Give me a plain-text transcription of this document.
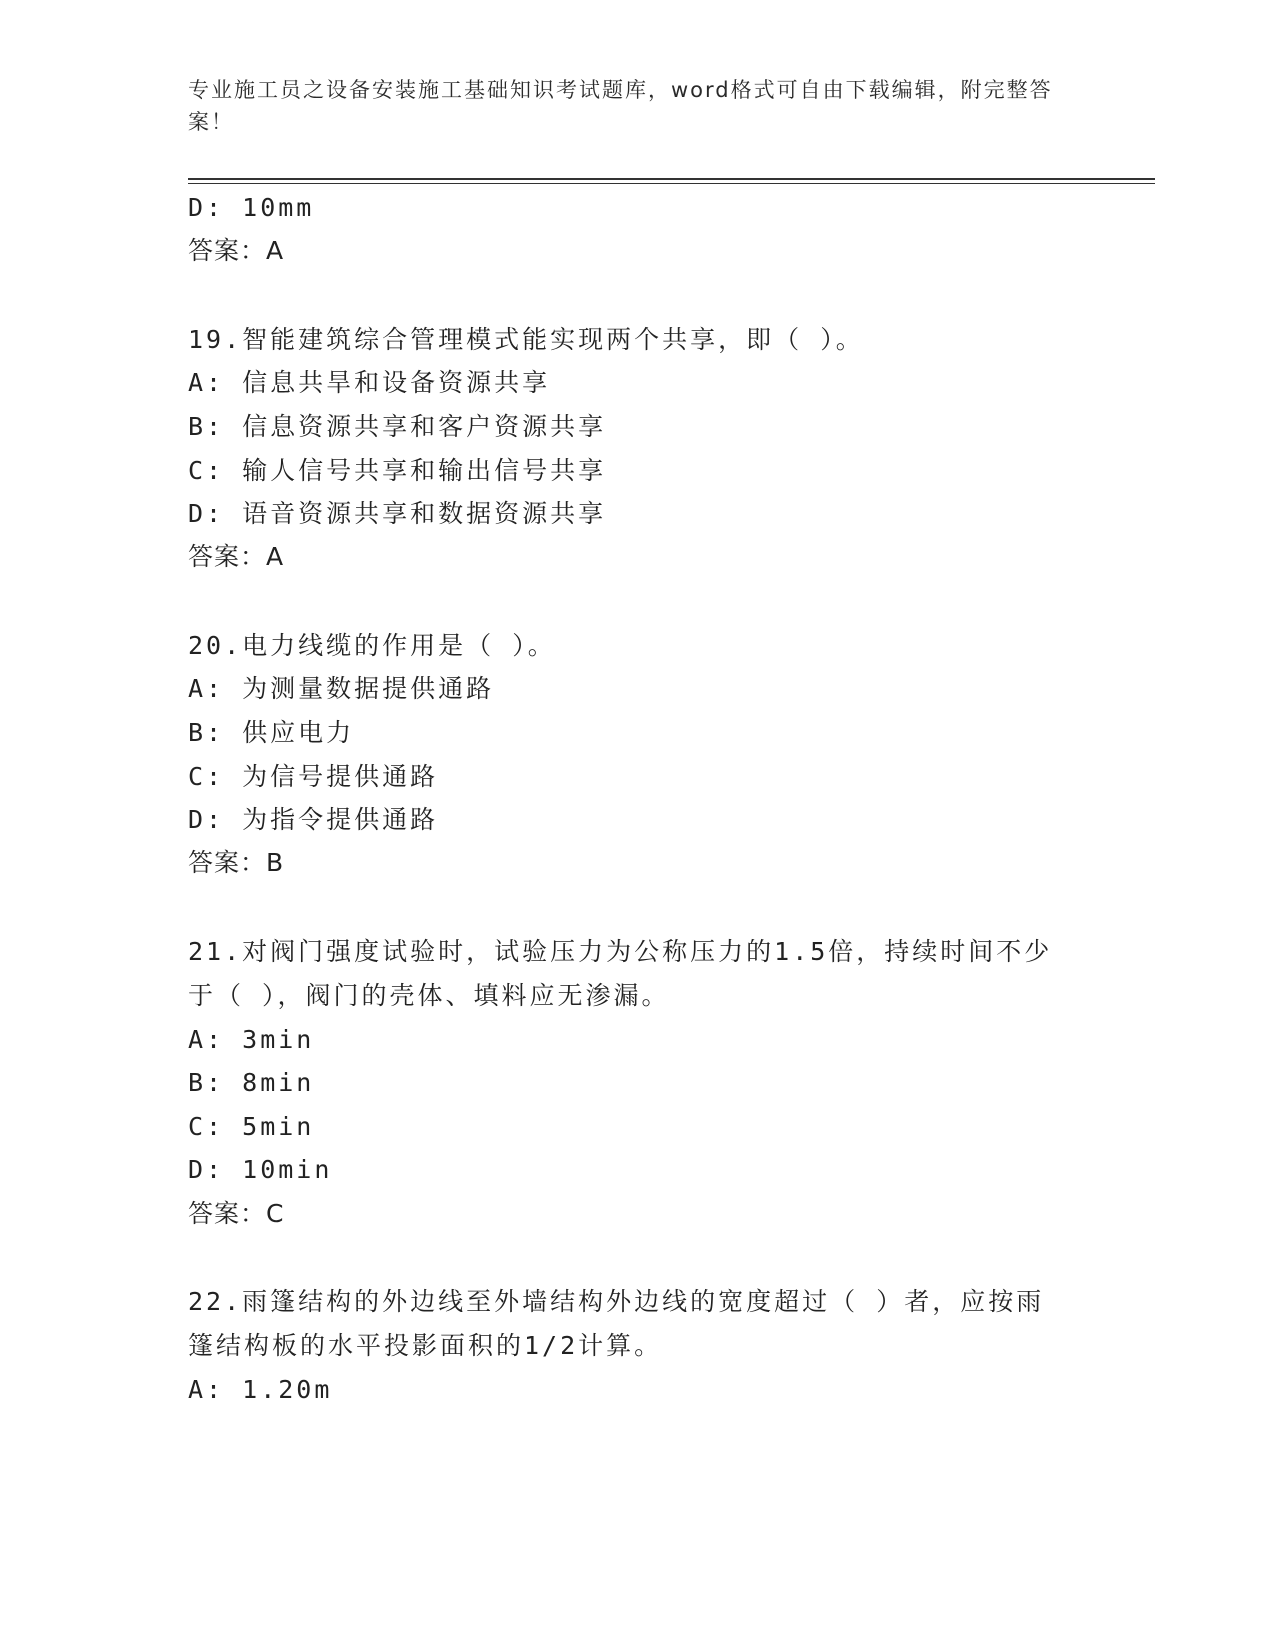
专业施工员之设备安装施工基础知识考试题库，word格式可自由下载编辑，附完整答案！
D: 10mm
答案：A
19.智能建筑综合管理模式能实现两个共享，即（ ）。
A: 信息共旱和设备资源共享
B: 信息资源共享和客户资源共享
C: 输人信号共享和输出信号共享
D: 语音资源共享和数据资源共享
答案：A
20.电力线缆的作用是（ ）。
A: 为测量数据提供通路
B: 供应电力
C: 为信号提供通路
D: 为指令提供通路
答案：B
21.对阀门强度试验时，试验压力为公称压力的1.5倍，持续时间不少
于（ ），阀门的壳体、填料应无渗漏。
A: 3min
B: 8min
C: 5min
D: 10min
答案：C
22.雨篷结构的外边线至外墙结构外边线的宽度超过（ ）者，应按雨
篷结构板的水平投影面积的1/2计算。
A: 1.20m
